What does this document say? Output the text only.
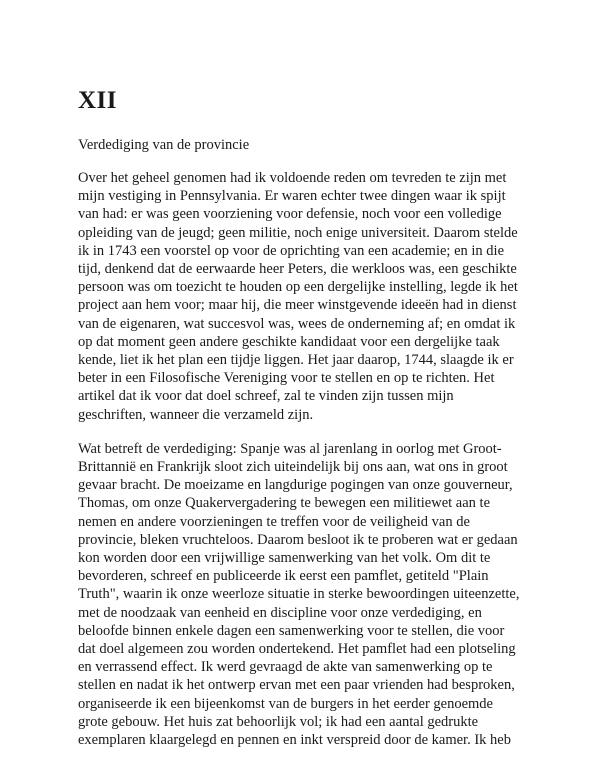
XII
Verdediging van de provincie

Over het geheel genomen had ik voldoende reden om tevreden te zijn met
mijn vestiging in Pennsylvania. Er waren echter twee dingen waar ik spijt
van had: er was geen voorziening voor defensie, noch voor een volledige
opleiding van de jeugd; geen militie, noch enige universiteit. Daarom stelde
ik in 1743 een voorstel op voor de oprichting van een academie; en in die
tijd, denkend dat de eerwaarde heer Peters, die werkloos was, een geschikte
persoon was om toezicht te houden op een dergelijke instelling, legde ik het
project aan hem voor; maar hij, die meer winstgevende ideeën had in dienst
van de eigenaren, wat succesvol was, wees de onderneming af; en omdat ik
op dat moment geen andere geschikte kandidaat voor een dergelijke taak
kende, liet ik het plan een tijdje liggen. Het jaar daarop, 1744, slaagde ik er
beter in een Filosofische Vereniging voor te stellen en op te richten. Het
artikel dat ik voor dat doel schreef, zal te vinden zijn tussen mijn
geschriften, wanneer die verzameld zijn.

Wat betreft de verdediging: Spanje was al jarenlang in oorlog met Groot-
Brittannië en Frankrijk sloot zich uiteindelijk bij ons aan, wat ons in groot
gevaar bracht. De moeizame en langdurige pogingen van onze gouverneur,
Thomas, om onze Quakervergadering te bewegen een militiewet aan te
nemen en andere voorzieningen te treffen voor de veiligheid van de
provincie, bleken vruchteloos. Daarom besloot ik te proberen wat er gedaan
kon worden door een vrijwillige samenwerking van het volk. Om dit te
bevorderen, schreef en publiceerde ik eerst een pamflet, getiteld "Plain
Truth", waarin ik onze weerloze situatie in sterke bewoordingen uiteenzette,
met de noodzaak van eenheid en discipline voor onze verdediging, en
beloofde binnen enkele dagen een samenwerking voor te stellen, die voor
dat doel algemeen zou worden ondertekend. Het pamflet had een plotseling
en verrassend effect. Ik werd gevraagd de akte van samenwerking op te
stellen en nadat ik het ontwerp ervan met een paar vrienden had besproken,
organiseerde ik een bijeenkomst van de burgers in het eerder genoemde
grote gebouw. Het huis zat behoorlijk vol; ik had een aantal gedrukte
exemplaren klaargelegd en pennen en inkt verspreid door de kamer. Ik heb
